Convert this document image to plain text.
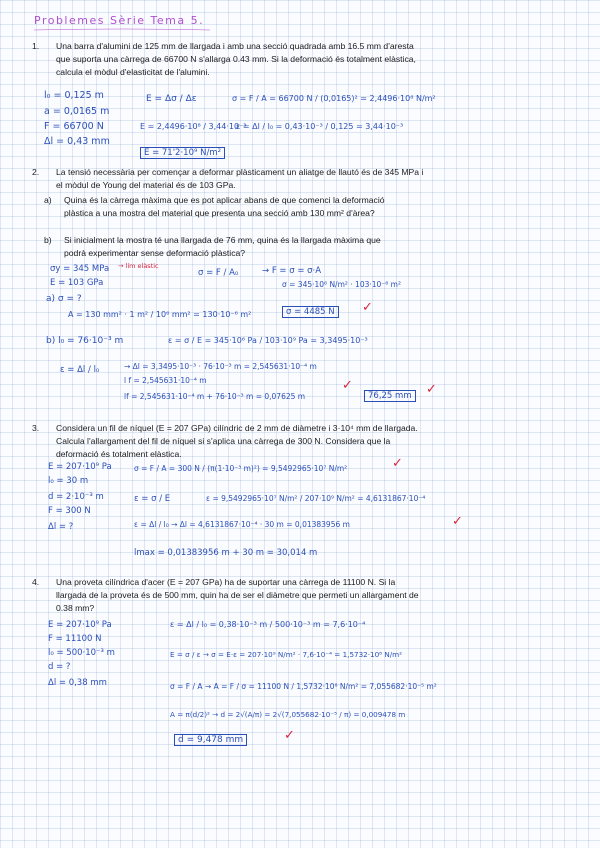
Problemes Sèrie Tema 5.
1. Una barra d'alumini de 125 mm de llargada i amb una secció quadrada amb 16.5 mm d'aresta que suporta una càrrega de 66700 N s'allarga 0.43 mm. Si la deformació és totalment elàstica, calcula el mòdul d'elasticitat de l'alumini.
l₀ = 0,125 m
a = 0,0165 m
F = 66700 N
Δl = 0,43 mm
E = Δσ / Δε	σ = F / A = 66700 N / (0,0165)² = 2,4496·10⁸ N/m²
E = 2,4496·10⁸ / 3,44·10⁻³
ε = Δl / l₀ = 0,43·10⁻³ / 0,125 = 3,44·10⁻³
E = 71'2·10⁹ N/m²
2. La tensió necessària per començar a deformar plàsticament un aliatge de llautó és de 345 MPa i el mòdul de Young del material és de 103 GPa.
a) Quina és la càrrega màxima que es pot aplicar abans de que comenci la deformació plàstica a una mostra del material que presenta una secció amb 130 mm² d'àrea?
b) Si inicialment la mostra té una llargada de 76 mm, quina és la llargada màxima que podrà experimentar sense deformació plàstica?
σy = 345 MPa → lím elàstic
E = 103 GPa
σ = F / A₀	→ F = σ = σ·A
σ = 345·10⁶ N/m² · 103·10⁻⁶ m²
a) σ = ?
A = 130 mm² · 1 m² / 10⁶ mm² = 130·10⁻⁶ m²	σ = 4485 N	✓
b) l₀ = 76·10⁻³ m	ε = σ / E = 345·10⁶ Pa / 103·10⁹ Pa = 3,3495·10⁻³
ε = Δl / l₀	→ Δl = 3,3495·10⁻³ · 76·10⁻³ m = 2,545631·10⁻⁴ m
l f = 2,545631·10⁻⁴ m
lf = 2,545631·10⁻⁴ m + 76·10⁻³ m = 0,07625 m	76,25 mm
✓	✓
3. Considera un fil de níquel (E = 207 GPa) cilíndric de 2 mm de diàmetre i 3·10⁴ mm de llargada. Calcula l'allargament del fil de níquel si s'aplica una càrrega de 300 N. Considera que la deformació és totalment elàstica.
E = 207·10⁹ Pa
l₀ = 30 m
d = 2·10⁻³ m
F = 300 N
Δl = ?
σ = F / A = 300 N / (π(1·10⁻³ m)²) = 9,5492965·10⁷ N/m²	✓
ε = σ / E	ε = 9,5492965·10⁷ N/m² / 207·10⁹ N/m² = 4,6131867·10⁻⁴
ε = Δl / l₀ → Δl = 4,6131867·10⁻⁴ · 30 m = 0,01383956 m	✓
lmax = 0,01383956 m + 30 m = 30,014 m
4. Una proveta cilíndrica d'acer (E = 207 GPa) ha de suportar una càrrega de 11100 N. Si la llargada de la proveta és de 500 mm, quin ha de ser el diàmetre que permeti un allargament de 0.38 mm?
E = 207·10⁹ Pa
F = 11100 N
l₀ = 500·10⁻³ m
d = ?
Δl = 0,38 mm
ε = Δl / l₀ = 0,38·10⁻³ m / 500·10⁻³ m = 7,6·10⁻⁴
E = σ / ε → σ = E·ε = 207·10⁹ N/m² · 7,6·10⁻⁴ = 1,5732·10⁸ N/m²
σ = F / A → A = F / σ = 11100 N / 1,5732·10⁸ N/m² = 7,055682·10⁻⁵ m²
A = π(d/2)² → d = 2√(A/π) = 2√(7,055682·10⁻⁵ / π) = 0,009478 m
d = 9,478 mm	✓
